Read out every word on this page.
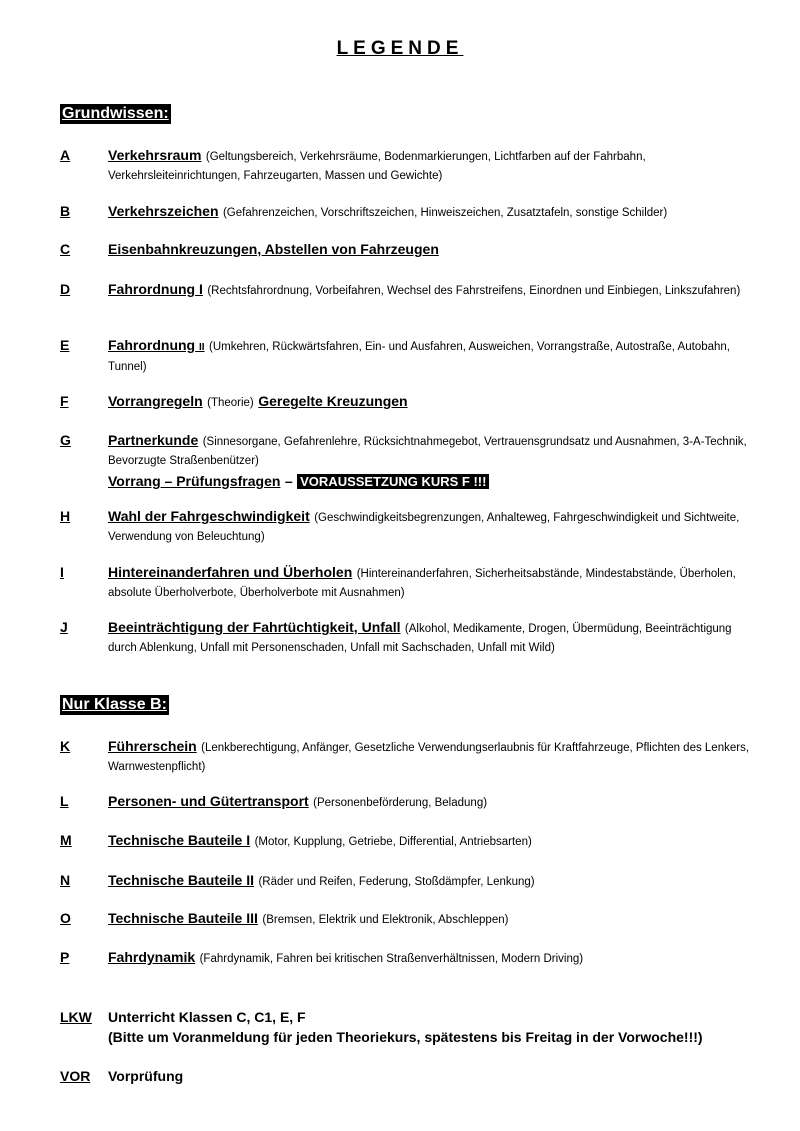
LEGENDE
Grundwissen:
A	Verkehrsraum (Geltungsbereich, Verkehrsräume, Bodenmarkierungen, Lichtfarben auf der Fahrbahn, Verkehrsleiteinrichtungen, Fahrzeugarten, Massen und Gewichte)
B	Verkehrszeichen (Gefahrenzeichen, Vorschriftszeichen, Hinweiszeichen, Zusatztafeln, sonstige Schilder)
C	Eisenbahnkreuzungen, Abstellen von Fahrzeugen
D	Fahrordnung I (Rechtsfahrordnung, Vorbeifahren, Wechsel des Fahrstreifens, Einordnen und Einbiegen, Linkszufahren)
E	Fahrordnung II (Umkehren, Rückwärtsfahren, Ein- und Ausfahren, Ausweichen, Vorrangstraße, Autostraße, Autobahn, Tunnel)
F	Vorrangregeln (Theorie) Geregelte Kreuzungen
G	Partnerkunde (Sinnesorgane, Gefahrenlehre, Rücksichtnahmegebot, Vertrauensgrundsatz und Ausnahmen, 3-A-Technik, Bevorzugte Straßenbenützer)
Vorrang – Prüfungsfragen – VORAUSSETZUNG KURS F !!!
H	Wahl der Fahrgeschwindigkeit (Geschwindigkeitsbegrenzungen, Anhalteweg, Fahrgeschwindigkeit und Sichtweite, Verwendung von Beleuchtung)
I	Hintereinanderfahren und Überholen (Hintereinanderfahren, Sicherheitsabstände, Mindestabstände, Überholen, absolute Überholverbote, Überholverbote mit Ausnahmen)
J	Beeinträchtigung der Fahrtüchtigkeit, Unfall (Alkohol, Medikamente, Drogen, Übermüdung, Beeinträchtigung durch Ablenkung, Unfall mit Personenschaden, Unfall mit Sachschaden, Unfall mit Wild)
Nur Klasse B:
K	Führerschein (Lenkberechtigung, Anfänger, Gesetzliche Verwendungserlaubnis für Kraftfahrzeuge, Pflichten des Lenkers, Warnwestenpflicht)
L	Personen- und Gütertransport (Personenbeförderung, Beladung)
M	Technische Bauteile I (Motor, Kupplung, Getriebe, Differential, Antriebsarten)
N	Technische Bauteile II (Räder und Reifen, Federung, Stoßdämpfer, Lenkung)
O	Technische Bauteile III (Bremsen, Elektrik und Elektronik, Abschleppen)
P	Fahrdynamik (Fahrdynamik, Fahren bei kritischen Straßenverhältnissen, Modern Driving)
LKW	Unterricht Klassen C, C1, E, F
(Bitte um Voranmeldung für jeden Theoriekurs, spätestens bis Freitag in der Vorwoche!!!)
VOR	Vorprüfung
